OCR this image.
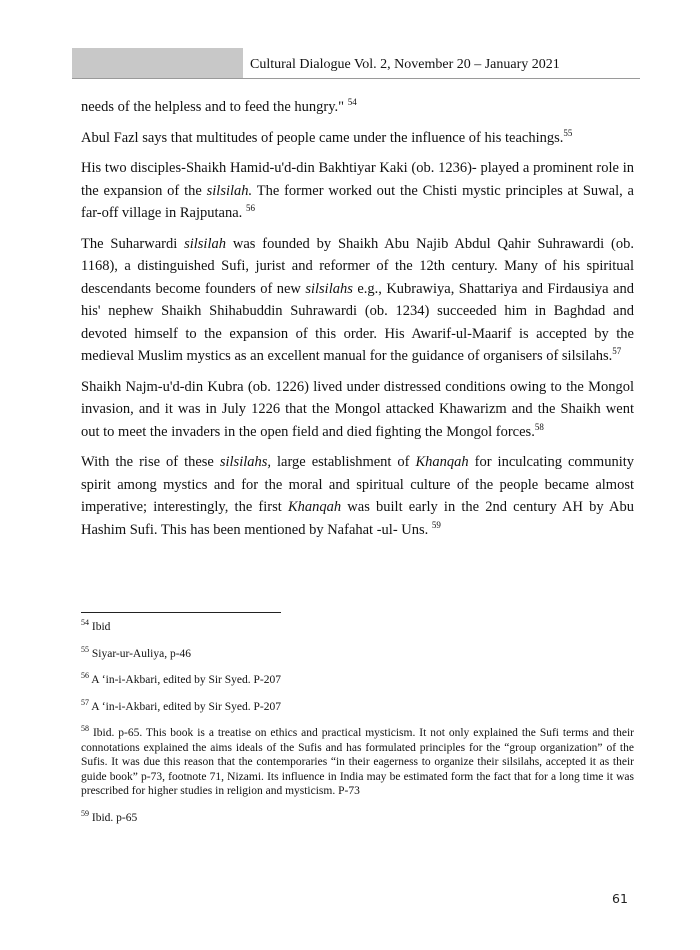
Cultural Dialogue Vol. 2, November 20 – January 2021

needs of the helpless and to feed the hungry." $^{54}$

Abul Fazl says that multitudes of people came under the influence of his teachings.$^{55}$

His two disciples-Shaikh Hamid-u'd-din Bakhtiyar Kaki (ob. 1236)- played a prominent role in the expansion of the silsilah. The former worked out the Chisti mystic principles at Suwal, a far-off village in Rajputana. $^{56}$

The Suharwardi silsilah was founded by Shaikh Abu Najib Abdul Qahir Suhrawardi (ob. 1168), a distinguished Sufi, jurist and reformer of the 12th century. Many of his spiritual descendants become founders of new silsilahs e.g., Kubrawiya, Shattariya and Firdausiya and his' nephew Shaikh Shihabuddin Suhrawardi (ob. 1234) succeeded him in Baghdad and devoted himself to the expansion of this order. His Awarif-ul-Maarif is accepted by the medieval Muslim mystics as an excellent manual for the guidance of organisers of silsilahs.$^{57}$

Shaikh Najm-u'd-din Kubra (ob. 1226) lived under distressed conditions owing to the Mongol invasion, and it was in July 1226 that the Mongol attacked Khawarizm and the Shaikh went out to meet the invaders in the open field and died fighting the Mongol forces.$^{58}$

With the rise of these silsilahs, large establishment of Khanqah for inculcating community spirit among mystics and for the moral and spiritual culture of the people became almost imperative; interestingly, the first Khanqah was built early in the 2nd century AH by Abu Hashim Sufi. This has been mentioned by Nafahat -ul- Uns. $^{59}$

$^{54}$ Ibid

$^{55}$ Siyar-ur-Auliya, p-46

$^{56}$ A ‘in-i-Akbari, edited by Sir Syed. P-207

$^{57}$ A ‘in-i-Akbari, edited by Sir Syed. P-207

$^{58}$ Ibid. p-65. This book is a treatise on ethics and practical mysticism. It not only explained the Sufi terms and their connotations explained the aims ideals of the Sufis and has formulated principles for the “group organization” of the Sufis. It was due this reason that the contemporaries “in their eagerness to organize their silsilahs, accepted it as their guide book” p-73, footnote 71, Nizami. Its influence in India may be estimated form the fact that for a long time it was prescribed for higher studies in religion and mysticism. P-73

$^{59}$ Ibid. p-65

61
